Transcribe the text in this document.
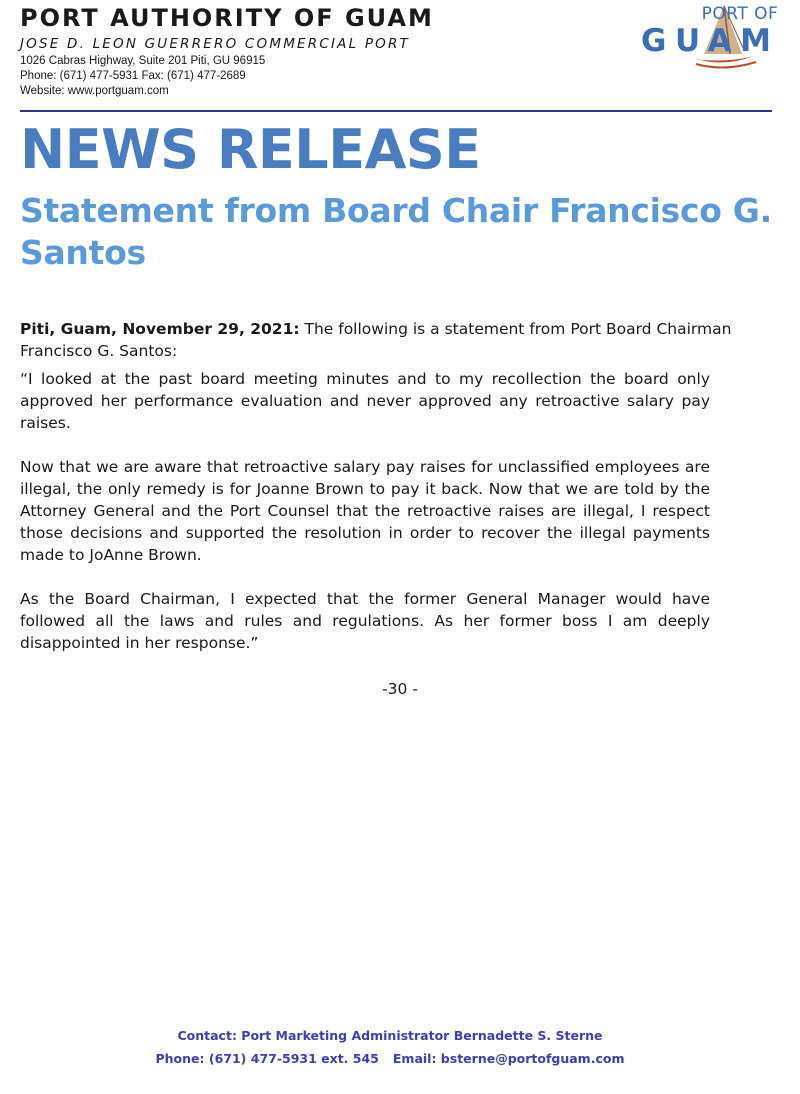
PORT AUTHORITY OF GUAM
JOSE D. LEON GUERRERO COMMERCIAL PORT
1026 Cabras Highway, Suite 201 Piti, GU 96915
Phone: (671) 477-5931 Fax: (671) 477-2689
Website: www.portguam.com
PORT OF
GUAM
NEWS RELEASE
Statement from Board Chair Francisco G.
Santos

Piti, Guam, November 29, 2021: The following is a statement from Port Board Chairman Francisco G. Santos:

“I looked at the past board meeting minutes and to my recollection the board only approved her performance evaluation and never approved any retroactive salary pay raises.

Now that we are aware that retroactive salary pay raises for unclassified employees are illegal, the only remedy is for Joanne Brown to pay it back. Now that we are told by the Attorney General and the Port Counsel that the retroactive raises are illegal, I respect those decisions and supported the resolution in order to recover the illegal payments made to JoAnne Brown.

As the Board Chairman, I expected that the former General Manager would have followed all the laws and rules and regulations. As her former boss I am deeply disappointed in her response.”

-30 -
Contact: Port Marketing Administrator Bernadette S. Sterne
Phone: (671) 477-5931 ext. 545 Email: bsterne@portofguam.com
